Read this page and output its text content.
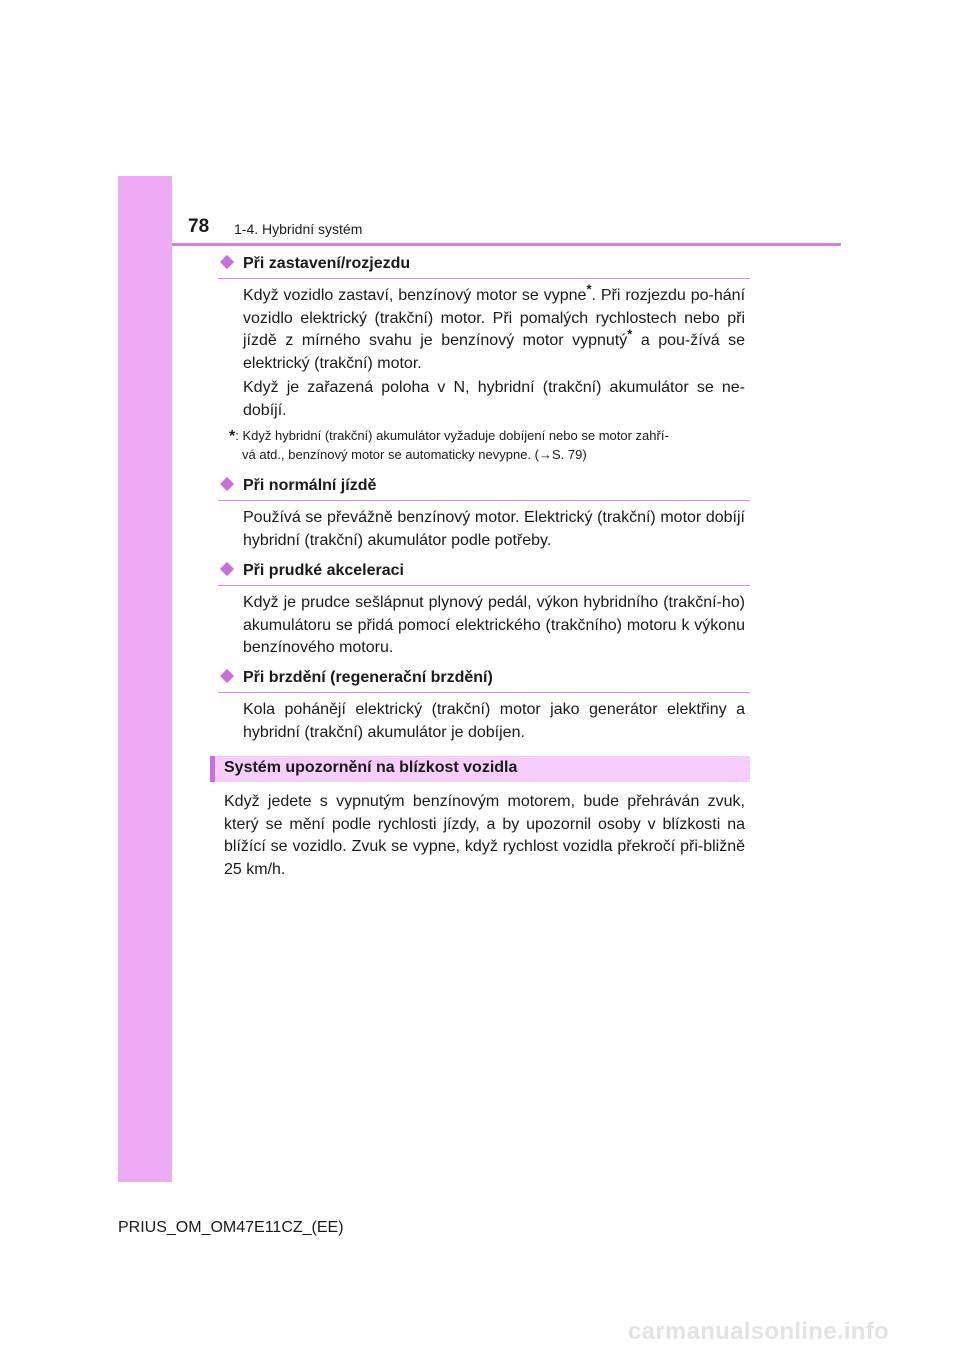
78 1-4. Hybridní systém
Při zastavení/rozjezdu

Když vozidlo zastaví, benzínový motor se vypne*. Při rozjezdu po-hání vozidlo elektrický (trakční) motor. Při pomalých rychlostech nebo při jízdě z mírného svahu je benzínový motor vypnutý* a pou-žívá se elektrický (trakční) motor.

Když je zařazená poloha v N, hybridní (trakční) akumulátor se ne-dobíjí.

*: Když hybridní (trakční) akumulátor vyžaduje dobíjení nebo se motor zahří-
vá atd., benzínový motor se automaticky nevypne. (→S. 79)

Při normální jízdě

Používá se převážně benzínový motor. Elektrický (trakční) motor dobíjí hybridní (trakční) akumulátor podle potřeby.

Při prudké akceleraci

Když je prudce sešlápnut plynový pedál, výkon hybridního (trakční-ho) akumulátoru se přidá pomocí elektrického (trakčního) motoru k výkonu benzínového motoru.

Při brzdění (regenerační brzdění)

Kola pohánějí elektrický (trakční) motor jako generátor elektřiny a hybridní (trakční) akumulátor je dobíjen.

Systém upozornění na blízkost vozidla

Když jedete s vypnutým benzínovým motorem, bude přehráván zvuk, který se mění podle rychlosti jízdy, a by upozornil osoby v blízkosti na blížící se vozidlo. Zvuk se vypne, když rychlost vozidla překročí při-bližně 25 km/h.

PRIUS_OM_OM47E11CZ_(EE)
carmanualsonline.info
